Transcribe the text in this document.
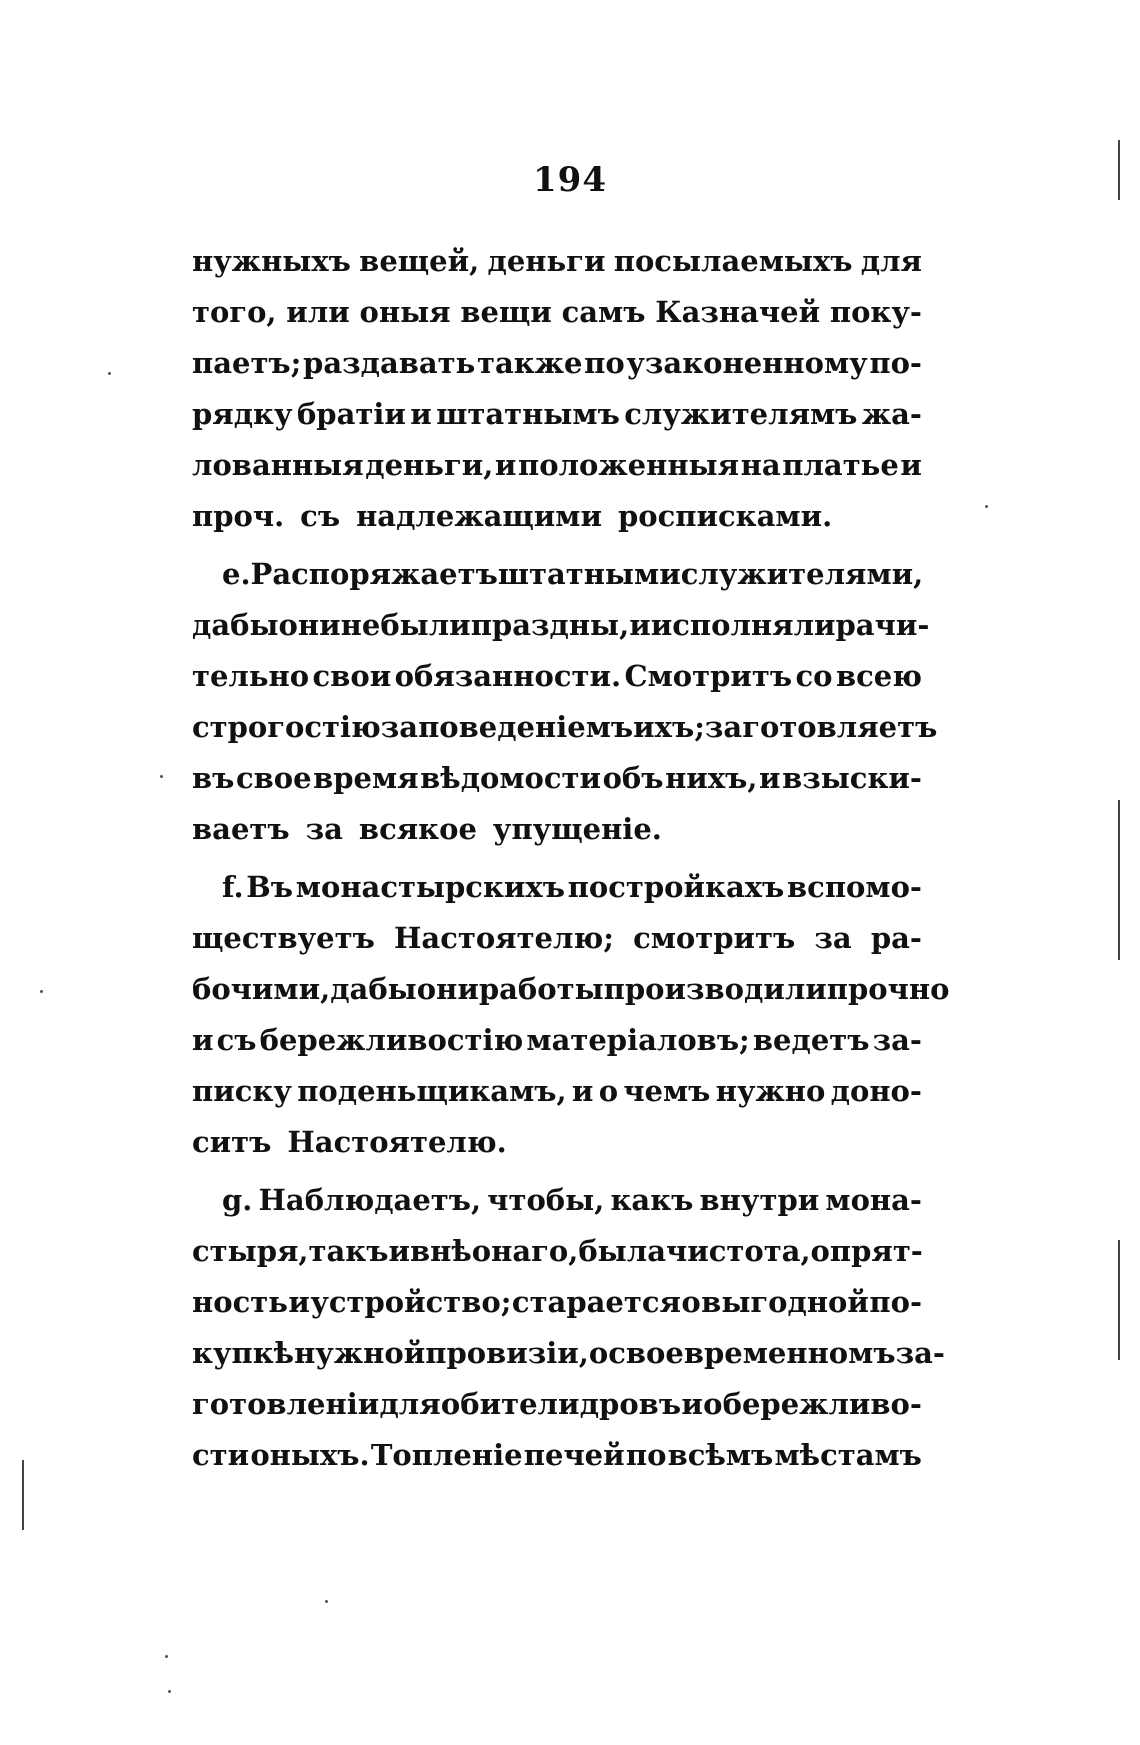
194
нужныхъ вещей, деньги посылаемыхъ для
того, или оныя вещи самъ Казначей поку-
паетъ; раздавать также по узаконенному по-
рядку братіи и штатнымъ служителямъ жа-
лованныя деньги, и положенныя на платье и
проч. съ надлежащими росписками.
е. Распоряжаетъ штатными служителями,
дабы они не были праздны, и исполняли рачи-
тельно свои обязанности. Смотритъ со всею
строгостію за поведеніемъ ихъ; заготовляетъ
въ свое время вѣдомости объ нихъ, и взыски-
ваетъ за всякое упущеніе.
f. Въ монастырскихъ постройкахъ вспомо-
ществуетъ Настоятелю; смотритъ за ра-
бочими, дабы они работы производили прочно
и съ бережливостію матеріаловъ; ведетъ за-
писку поденьщикамъ, и о чемъ нужно доно-
ситъ Настоятелю.
g. Наблюдаетъ, чтобы, какъ внутри мона-
стыря, такъ и внѣ онаго, была чистота, опрят-
ность и устройство; старается о выгодной по-
купкѣ нужной провизіи, о своевременномъ за-
готовленіи для обители дровъ и о бережливо-
сти оныхъ. Топленіе печей по всѣмъ мѣстамъ
